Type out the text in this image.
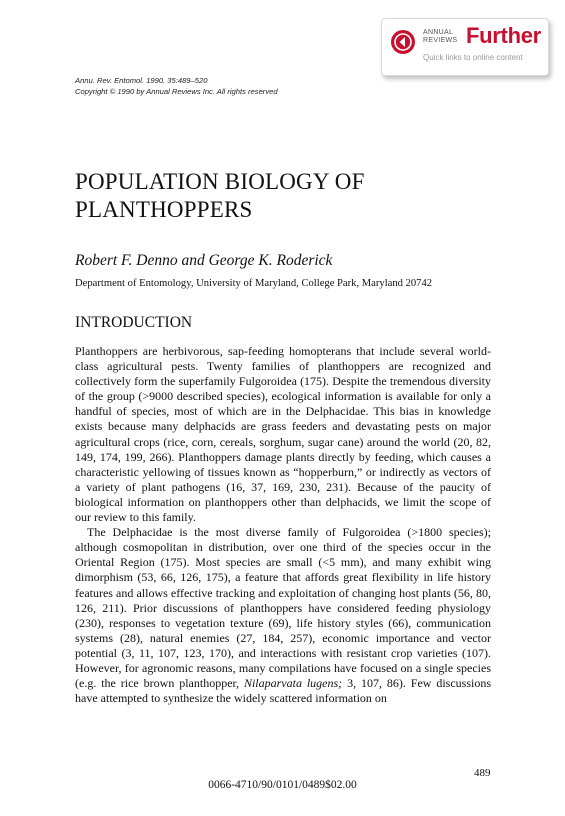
ANNUAL
REVIEWS Further
Quick links to online content
Annu. Rev. Entomol. 1990. 35:489–520
Copyright © 1990 by Annual Reviews Inc. All rights reserved
POPULATION BIOLOGY OF PLANTHOPPERS
Robert F. Denno and George K. Roderick
Department of Entomology, University of Maryland, College Park, Maryland 20742
INTRODUCTION

Planthoppers are herbivorous, sap-feeding homopterans that include several world-class agricultural pests. Twenty families of planthoppers are recognized and collectively form the superfamily Fulgoroidea (175). Despite the tremendous diversity of the group (>9000 described species), ecological information is available for only a handful of species, most of which are in the Delphacidae. This bias in knowledge exists because many delphacids are grass feeders and devastating pests on major agricultural crops (rice, corn, cereals, sorghum, sugar cane) around the world (20, 82, 149, 174, 199, 266). Planthoppers damage plants directly by feeding, which causes a characteristic yellowing of tissues known as “hopperburn,” or indirectly as vectors of a variety of plant pathogens (16, 37, 169, 230, 231). Because of the paucity of biological information on planthoppers other than delphacids, we limit the scope of our review to this family.

The Delphacidae is the most diverse family of Fulgoroidea (>1800 species); although cosmopolitan in distribution, over one third of the species occur in the Oriental Region (175). Most species are small (<5 mm), and many exhibit wing dimorphism (53, 66, 126, 175), a feature that affords great flexibility in life history features and allows effective tracking and exploitation of changing host plants (56, 80, 126, 211). Prior discussions of planthoppers have considered feeding physiology (230), responses to vegetation texture (69), life history styles (66), communication systems (28), natural enemies (27, 184, 257), economic importance and vector potential (3, 11, 107, 123, 170), and interactions with resistant crop varieties (107). However, for agronomic reasons, many compilations have focused on a single species (e.g. the rice brown planthopper, Nilaparvata lugens; 3, 107, 86). Few discussions have attempted to synthesize the widely scattered information on

489
0066-4710/90/0101/0489$02.00
